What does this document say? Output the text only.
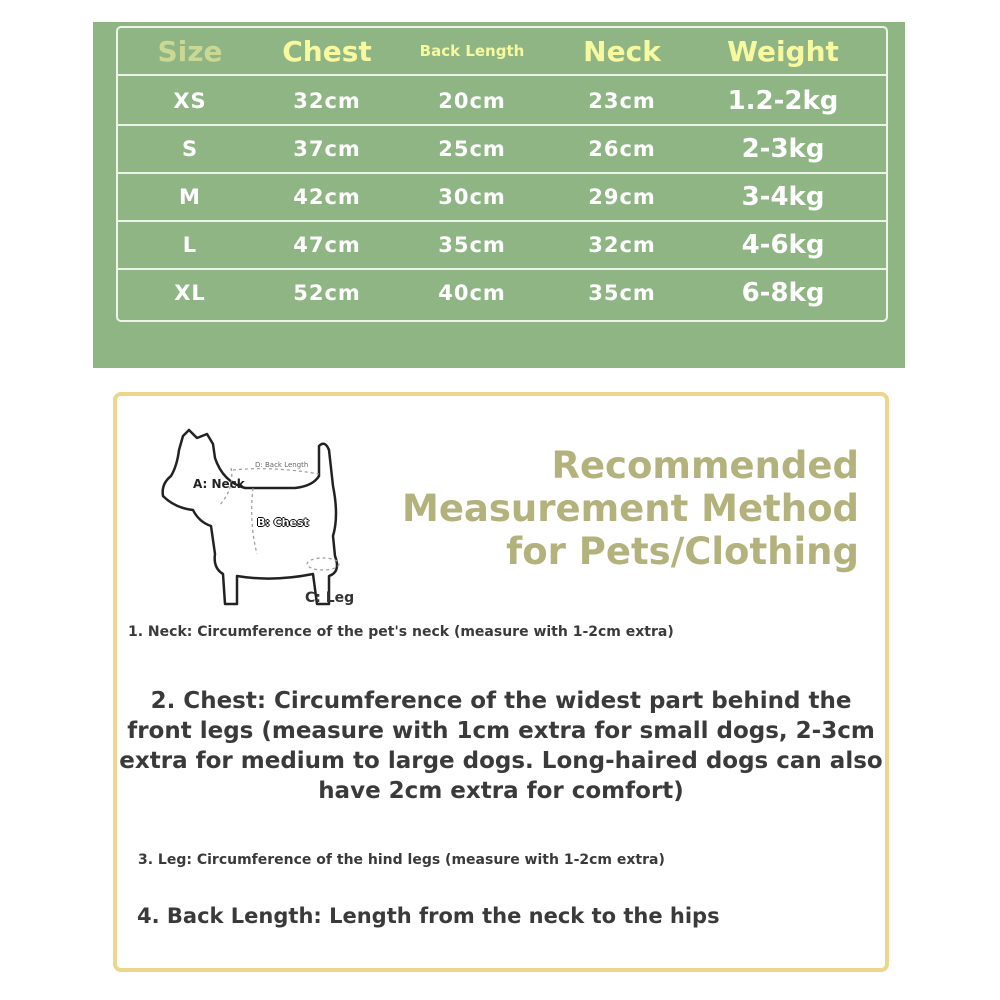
Size	Chest	Back Length	Neck	Weight
XS	32cm	20cm	23cm	1.2-2kg
S	37cm	25cm	26cm	2-3kg
M	42cm	30cm	29cm	3-4kg
L	47cm	35cm	32cm	4-6kg
XL	52cm	40cm	35cm	6-8kg
D: Back Length
A: Neck
B: Chest
C: Leg
Recommended
Measurement Method
for Pets/Clothing

1. Neck: Circumference of the pet's neck (measure with 1-2cm extra)

2. Chest: Circumference of the widest part behind the front legs (measure with 1cm extra for small dogs, 2-3cm extra for medium to large dogs. Long-haired dogs can also have 2cm extra for comfort)

3. Leg: Circumference of the hind legs (measure with 1-2cm extra)

4. Back Length: Length from the neck to the hips
